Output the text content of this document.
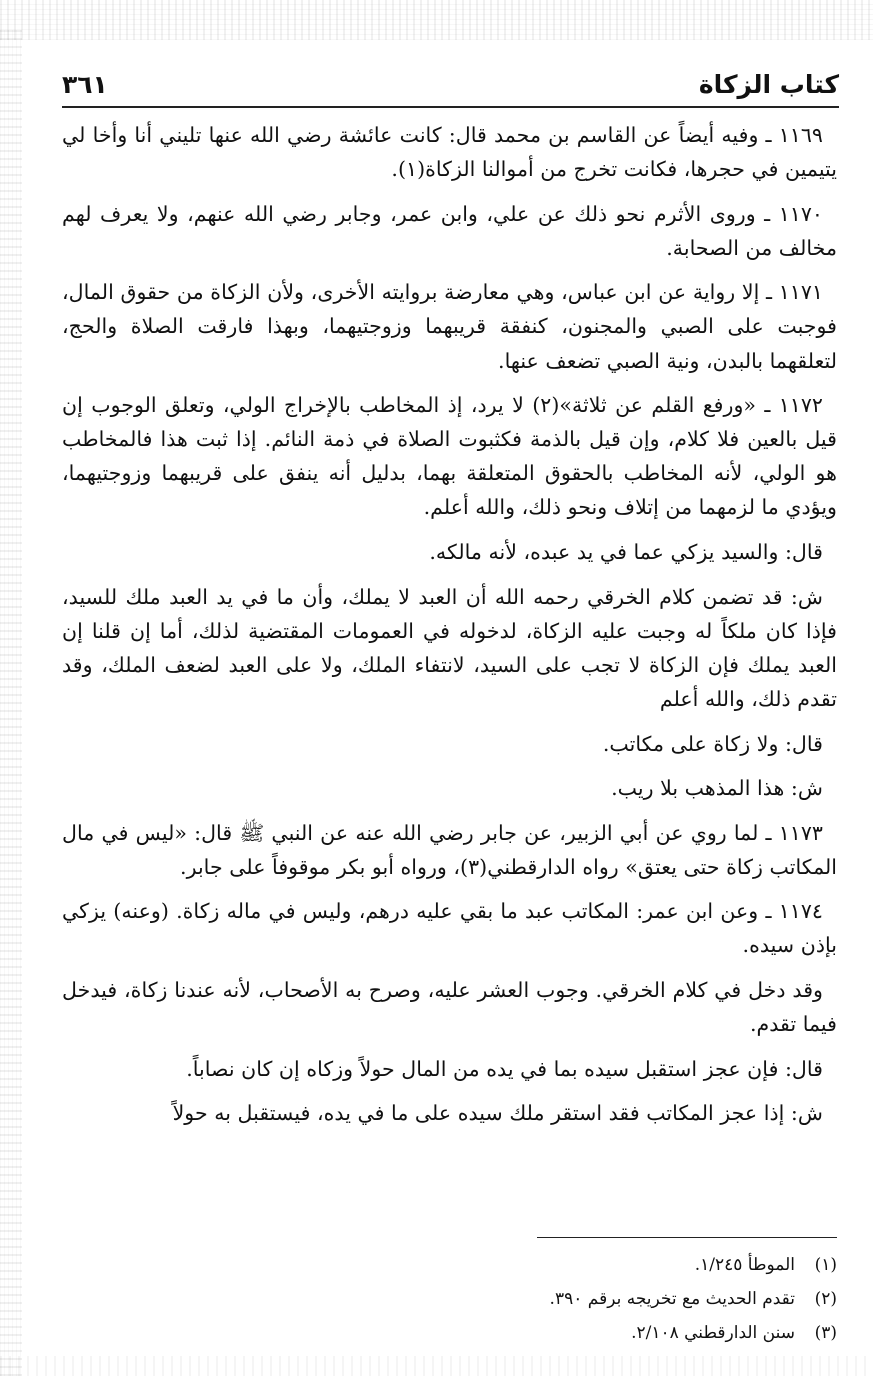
كتاب الزكاة
٣٦١

١١٦٩ ـ وفيه أيضاً عن القاسم بن محمد قال: كانت عائشة رضي الله عنها تليني أنا وأخا لي يتيمين في حجرها، فكانت تخرج من أموالنا الزكاة(١).

١١٧٠ ـ وروى الأثرم نحو ذلك عن علي، وابن عمر، وجابر رضي الله عنهم، ولا يعرف لهم مخالف من الصحابة.

١١٧١ ـ إلا رواية عن ابن عباس، وهي معارضة بروايته الأخرى، ولأن الزكاة من حقوق المال، فوجبت على الصبي والمجنون، كنفقة قريبهما وزوجتيهما، وبهذا فارقت الصلاة والحج، لتعلقهما بالبدن، ونية الصبي تضعف عنها.

١١٧٢ ـ «ورفع القلم عن ثلاثة»(٢) لا يرد، إذ المخاطب بالإخراج الولي، وتعلق الوجوب إن قيل بالعين فلا كلام، وإن قيل بالذمة فكثبوت الصلاة في ذمة النائم. إذا ثبت هذا فالمخاطب هو الولي، لأنه المخاطب بالحقوق المتعلقة بهما، بدليل أنه ينفق على قريبهما وزوجتيهما، ويؤدي ما لزمهما من إتلاف ونحو ذلك، والله أعلم.

قال: والسيد يزكي عما في يد عبده، لأنه مالكه.

ش: قد تضمن كلام الخرقي رحمه الله أن العبد لا يملك، وأن ما في يد العبد ملك للسيد، فإذا كان ملكاً له وجبت عليه الزكاة، لدخوله في العمومات المقتضية لذلك، أما إن قلنا إن العبد يملك فإن الزكاة لا تجب على السيد، لانتفاء الملك، ولا على العبد لضعف الملك، وقد تقدم ذلك، والله أعلم

قال: ولا زكاة على مكاتب.

ش: هذا المذهب بلا ريب.

١١٧٣ ـ لما روي عن أبي الزبير، عن جابر رضي الله عنه عن النبي ﷺ قال: «ليس في مال المكاتب زكاة حتى يعتق» رواه الدارقطني(٣)، ورواه أبو بكر موقوفاً على جابر.

١١٧٤ ـ وعن ابن عمر: المكاتب عبد ما بقي عليه درهم، وليس في ماله زكاة. (وعنه) يزكي بإذن سيده.

وقد دخل في كلام الخرقي. وجوب العشر عليه، وصرح به الأصحاب، لأنه عندنا زكاة، فيدخل فيما تقدم.

قال: فإن عجز استقبل سيده بما في يده من المال حولاً وزكاه إن كان نصاباً.

ش: إذا عجز المكاتب فقد استقر ملك سيده على ما في يده، فيستقبل به حولاً

(١)
الموطأ ١/٢٤٥.
(٢)
تقدم الحديث مع تخريجه برقم ٣٩٠.
(٣)
سنن الدارقطني ٢/١٠٨.
